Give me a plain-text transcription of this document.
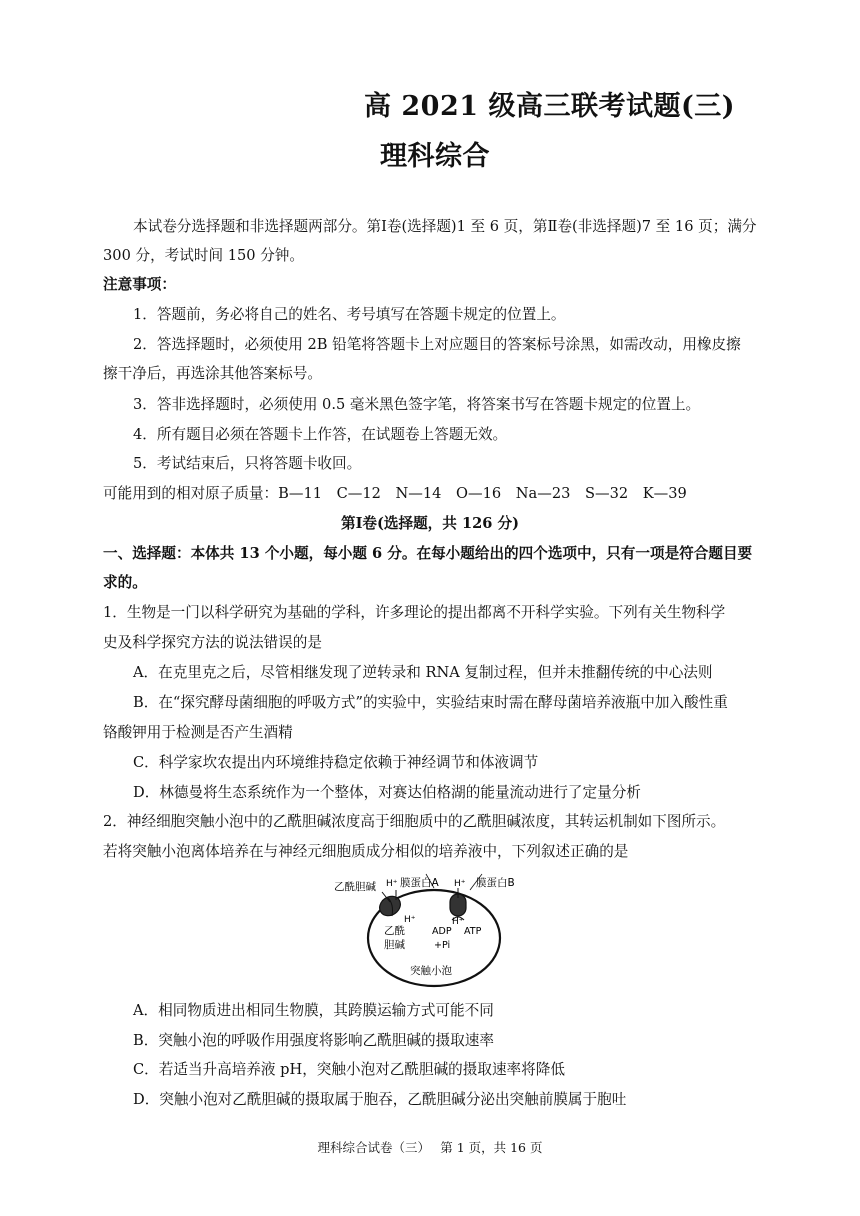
高 2021 级高三联考试题(三)
理科综合
本试卷分选择题和非选择题两部分。第Ⅰ卷(选择题)1 至 6 页，第Ⅱ卷(非选择题)7 至 16 页；满分
300 分，考试时间 150 分钟。
注意事项：
1．答题前，务必将自己的姓名、考号填写在答题卡规定的位置上。
2．答选择题时，必须使用 2B 铅笔将答题卡上对应题目的答案标号涂黑，如需改动，用橡皮擦
擦干净后，再选涂其他答案标号。
3．答非选择题时，必须使用 0.5 毫米黑色签字笔，将答案书写在答题卡规定的位置上。
4．所有题目必须在答题卡上作答，在试题卷上答题无效。
5．考试结束后，只将答题卡收回。
可能用到的相对原子质量：B—11　C—12　N—14　O—16　Na—23　S—32　K—39
第Ⅰ卷(选择题，共 126 分)
一、选择题：本体共 13 个小题，每小题 6 分。在每小题给出的四个选项中，只有一项是符合题目要
求的。
1．生物是一门以科学研究为基础的学科，许多理论的提出都离不开科学实验。下列有关生物科学
史及科学探究方法的说法错误的是
A．在克里克之后，尽管相继发现了逆转录和 RNA 复制过程，但并未推翻传统的中心法则
B．在“探究酵母菌细胞的呼吸方式”的实验中，实验结束时需在酵母菌培养液瓶中加入酸性重
铬酸钾用于检测是否产生酒精
C．科学家坎农提出内环境维持稳定依赖于神经调节和体液调节
D．林德曼将生态系统作为一个整体，对赛达伯格湖的能量流动进行了定量分析
2．神经细胞突触小泡中的乙酰胆碱浓度高于细胞质中的乙酰胆碱浓度，其转运机制如下图所示。
若将突触小泡离体培养在与神经元细胞质成分相似的培养液中，下列叙述正确的是
乙酰胆碱 H⁺ 膜蛋白A H⁺ 膜蛋白B
H⁺	H⁺
乙酰
胆碱
ADP
+Pi
ATP
突触小泡
A．相同物质进出相同生物膜，其跨膜运输方式可能不同
B．突触小泡的呼吸作用强度将影响乙酰胆碱的摄取速率
C．若适当升高培养液 pH，突触小泡对乙酰胆碱的摄取速率将降低
D．突触小泡对乙酰胆碱的摄取属于胞吞，乙酰胆碱分泌出突触前膜属于胞吐
理科综合试卷（三）　 第 1 页，共 16 页
